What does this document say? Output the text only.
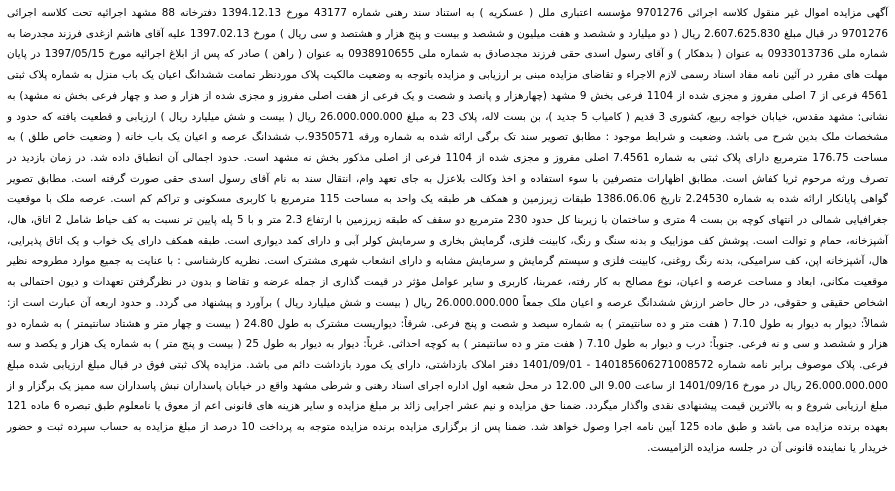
آگهی مزایده اموال غیر منقول کلاسه اجرائی 9701276 مؤسسه اعتباری ملل ( عسکریه ) به استناد سند رهنی شماره 43177 مورخ 1394.12.13 دفترخانه 88 مشهد اجرائیه تحت کلاسه اجرائی 9701276 در قبال مبلغ 2.607.625.830 ریال ( دو میلیارد و ششصد و هفت میلیون و ششصد و بیست و پنج هزار و هشتصد و سی ریال ) مورخ 1397.02.13 علیه آقای هاشم ازغدی فرزند مجدرضا به شماره ملی 0933013736 به عنوان ( بدهکار ) و آقای رسول اسدی حقی فرزند مجدصادق به شماره ملی 0938910655 به عنوان ( راهن ) صادر که پس از ابلاغ اجرائیه مورخ 1397/05/15 در پایان مهلت های مقرر در آئین نامه مفاد اسناد رسمی لازم الاجراء و تقاضای مزایده مبنی بر ارزیابی و مزایده باتوجه به وضعیت مالکیت پلاک موردنظر تمامت ششدانگ اعیان یک باب منزل به شماره پلاک ثبتی 4561 فرعی از 7 اصلی مفروز و مجزی شده از 1104 فرعی بخش 9 مشهد (چهارهزار و پانصد و شصت و یک فرعی از هفت اصلی مفروز و مجزی شده از هزار و صد و چهار فرعی بخش نه مشهد) به نشانی: مشهد مقدس، خیابان خواجه ربیع، کشوری 3 قدیم ( کامیاب 5 جدید )، بن بست لاله، پلاک 23 به مبلغ 26.000.000.000 ریال ( بیست و شش میلیارد ریال ) ارزیابی و قطعیت یافته که حدود و مشخصات ملک بدین شرح می باشد. وضعیت و شرایط موجود : مطابق تصویر سند تک برگی ارائه شده به شماره ورقه 9350571.ب ششدانگ عرصه و اعیان یک باب خانه ( وضعیت خاص طلق ) به مساحت 176.75 مترمربع دارای پلاک ثبتی به شماره 7.4561 اصلی مفروز و مجزی شده از 1104 فرعی از اصلی مذکور بخش نه مشهد است. حدود اجمالی آن انطباق داده شد. در زمان بازدید در تصرف ورثه مرحوم ثریا کفاش است. مطابق اظهارات متصرفین با سوء استفاده و اخذ وکالت بلاعزل به جای تعهد وام، انتقال سند به نام آقای رسول اسدی حقی صورت گرفته است. مطابق تصویر گواهی پایانکار ارائه شده به شماره 2.24530 تاریخ 1386.06.06 طبقات زیرزمین و همکف هر طبقه یک واحد به مساحت 115 مترمربع با کاربری مسکونی و تراکم کم است. عرصه ملک با موقعیت جغرافیایی شمالی در انتهای کوچه بن بست 4 متری و ساختمان با زیربنا کل حدود 230 مترمربع دو سقف که طبقه زیرزمین با ارتفاع 2.3 متر و با 5 پله پایین تر نسبت به کف حیاط شامل 2 اتاق، هال، آشپزخانه، حمام و توالت است. پوشش کف موزاییک و بدنه سنگ و رنگ، کابینت فلزی، گرمایش بخاری و سرمایش کولر آبی و دارای کمد دیواری است. طبقه همکف دارای یک خواب و یک اتاق پذیرایی، هال، آشپزخانه اپن، کف سرامیکی، بدنه رنگ روغنی، کابینت فلزی و سیستم گرمایش و سرمایش مشابه و دارای انشعاب شهری مشترک است. نظریه کارشناسی : با عنایت به جمیع موارد مطروحه نظیر موقعیت مکانی، ابعاد و مساحت عرصه و اعیان، نوع مصالح به کار رفته، عمربنا، کاربری و سایر عوامل مؤثر در قیمت گذاری از جمله عرضه و تقاضا و بدون در نظرگرفتن تعهدات و دیون احتمالی به اشخاص حقیقی و حقوقی، در حال حاضر ارزش ششدانگ عرصه و اعیان ملک جمعاً 26.000.000.000 ریال ( بیست و شش میلیارد ریال ) برآورد و پیشنهاد می گردد. و حدود اربعه آن عبارت است از: شمالاً: دیوار به دیوار به طول 7.10 ( هفت متر و ده سانتیمتر ) به شماره سیصد و شصت و پنج فرعی. شرقاً: دیواریست مشترک به طول 24.80 ( بیست و چهار متر و هشتاد سانتیمتر ) به شماره دو هزار و ششصد و سی و نه فرعی. جنوباً: درب و دیوار به طول 7.10 ( هفت متر و ده سانتیمتر ) به کوچه احداثی. غرباً: دیوار به دیوار به طول 25 ( بیست و پنج متر ) به شماره یک هزار و یکصد و سه فرعی. پلاک موصوف برابر نامه شماره 140185606271008572 - 1401/09/01 دفتر املاک بازداشتی، دارای یک مورد بازداشت دائم می باشد. مزایده پلاک ثبتی فوق در قبال مبلغ ارزیابی شده مبلغ 26.000.000.000 ریال در مورخ 1401/09/16 از ساعت 9.00 الی 12.00 در محل شعبه اول اداره اجرای اسناد رهنی و شرطی مشهد واقع در خیابان پاسداران نبش پاسداران سه ممیز یک برگزار و از مبلغ ارزیابی شروع و به بالاترین قیمت پیشنهادی نقدی واگذار میگردد. ضمنا حق مزایده و نیم عشر اجرایی زائد بر مبلغ مزایده و سایر هزینه های قانونی اعم از معوق یا نامعلوم طبق تبصره 6 ماده 121 بعهده برنده مزایده می باشد و طبق ماده 125 آیین نامه اجرا وصول خواهد شد. ضمنا پس از برگزاری مزایده برنده مزایده متوجه به پرداخت 10 درصد از مبلغ مزایده به حساب سپرده ثبت و حضور خریدار یا نماینده قانونی آن در جلسه مزایده الزامیست.
